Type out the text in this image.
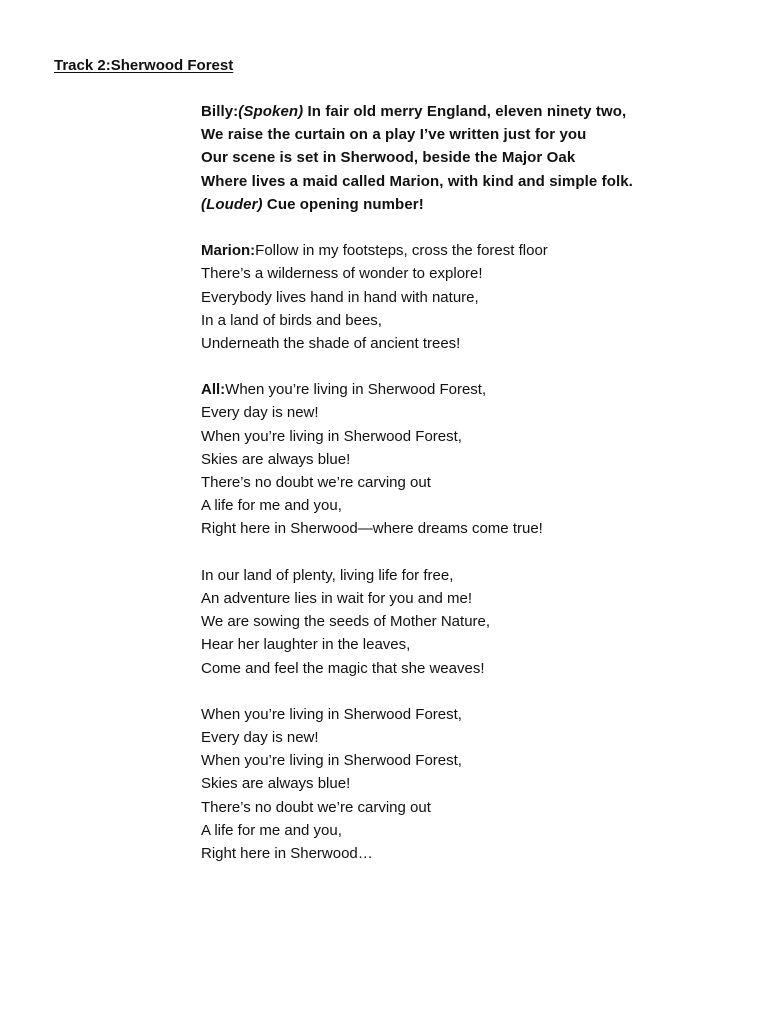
Track 2:Sherwood Forest
Billy:(Spoken) In fair old merry England, eleven ninety two,
We raise the curtain on a play I’ve written just for you
Our scene is set in Sherwood, beside the Major Oak
Where lives a maid called Marion, with kind and simple folk.
(Louder) Cue opening number!
Marion:Follow in my footsteps, cross the forest floor
There’s a wilderness of wonder to explore!
Everybody lives hand in hand with nature,
In a land of birds and bees,
Underneath the shade of ancient trees!
All:When you’re living in Sherwood Forest,
Every day is new!
When you’re living in Sherwood Forest,
Skies are always blue!
There’s no doubt we’re carving out
A life for me and you,
Right here in Sherwood—where dreams come true!
In our land of plenty, living life for free,
An adventure lies in wait for you and me!
We are sowing the seeds of Mother Nature,
Hear her laughter in the leaves,
Come and feel the magic that she weaves!
When you’re living in Sherwood Forest,
Every day is new!
When you’re living in Sherwood Forest,
Skies are always blue!
There’s no doubt we’re carving out
A life for me and you,
Right here in Sherwood…
